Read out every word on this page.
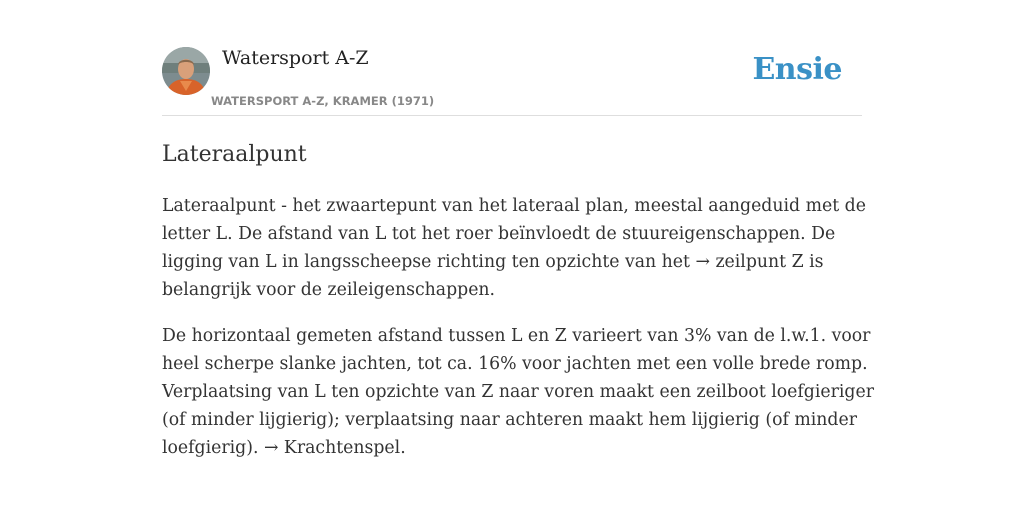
Watersport A-Z
WATERSPORT A-Z, KRAMER (1971)
Ensie
Lateraalpunt

Lateraalpunt - het zwaartepunt van het lateraal plan, meestal aangeduid met de
letter L. De afstand van L tot het roer beïnvloedt de stuureigenschappen. De
ligging van L in langsscheepse richting ten opzichte van het → zeilpunt Z is
belangrijk voor de zeileigenschappen.

De horizontaal gemeten afstand tussen L en Z varieert van 3% van de l.w.1. voor
heel scherpe slanke jachten, tot ca. 16% voor jachten met een volle brede romp.
Verplaatsing van L ten opzichte van Z naar voren maakt een zeilboot loefgieriger
(of minder lijgierig); verplaatsing naar achteren maakt hem lijgierig (of minder
loefgierig). → Krachtenspel.
